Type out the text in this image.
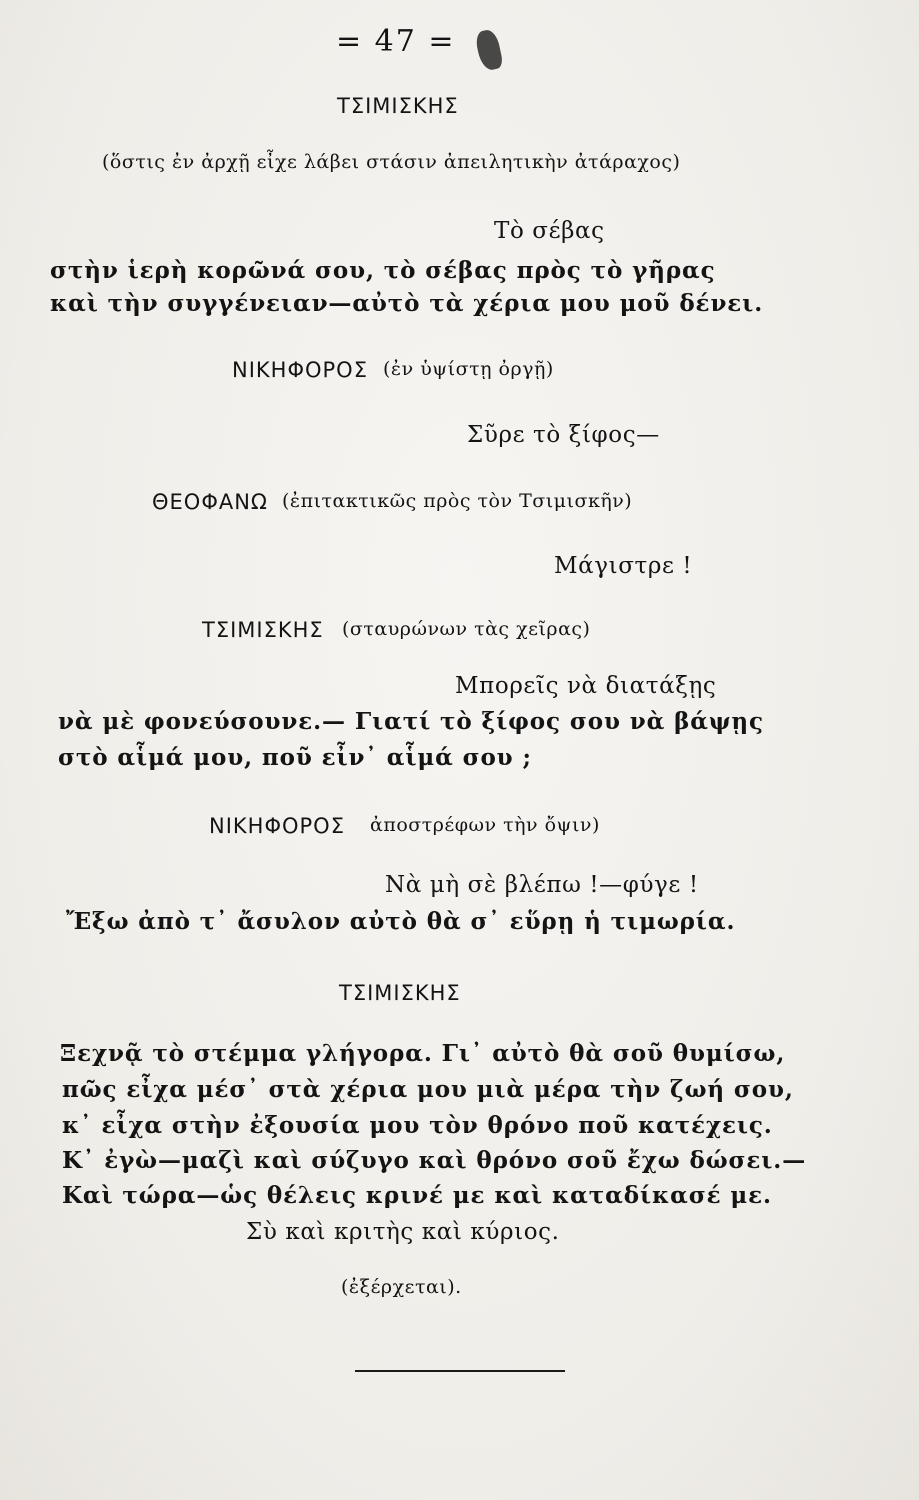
= 47 =
ΤΣΙΜΙΣΚΗΣ
(ὅστις ἐν ἀρχῇ εἶχε λάβει στάσιν ἀπειλητικὴν ἀτάραχος)
Τὸ σέβας
στὴν ἱερὴ κορῶνά σου, τὸ σέβας πρὸς τὸ γῆρας
καὶ τὴν συγγένειαν—αὐτὸ τὰ χέρια μου μοῦ δένει.
ΝΙΚΗΦΟΡΟΣ (ἐν ὑψίστῃ ὀργῇ)
Σῦρε τὸ ξίφος—
ΘΕΟΦΑΝΩ (ἐπιτακτικῶς πρὸς τὸν Τσιμισκῆν)
Μάγιστρε !
ΤΣΙΜΙΣΚΗΣ (σταυρώνων τὰς χεῖρας)
Μπορεῖς νὰ διατάξῃς
νὰ μὲ φονεύσουνε.— Γιατί τὸ ξίφος σου νὰ βάψῃς
στὸ αἷμά μου, ποῦ εἶν᾿ αἷμά σου ;
ΝΙΚΗΦΟΡΟΣ ἀποστρέφων τὴν ὄψιν)
Νὰ μὴ σὲ βλέπω !—φύγε !
Ἔξω ἀπὸ τ᾿ ἄσυλον αὐτὸ θὰ σ᾿ εὕρῃ ἡ τιμωρία.
ΤΣΙΜΙΣΚΗΣ
Ξεχνᾷ τὸ στέμμα γλήγορα. Γι᾿ αὐτὸ θὰ σοῦ θυμίσω,
πῶς εἶχα μέσ᾿ στὰ χέρια μου μιὰ μέρα τὴν ζωή σου,
κ᾿ εἶχα στὴν ἐξουσία μου τὸν θρόνο ποῦ κατέχεις.
Κ᾿ ἐγὼ—μαζὶ καὶ σύζυγο καὶ θρόνο σοῦ ἔχω δώσει.—
Καὶ τώρα—ὡς θέλεις κρινέ με καὶ καταδίκασέ με.
Σὺ καὶ κριτὴς καὶ κύριος.
(ἐξέρχεται).
